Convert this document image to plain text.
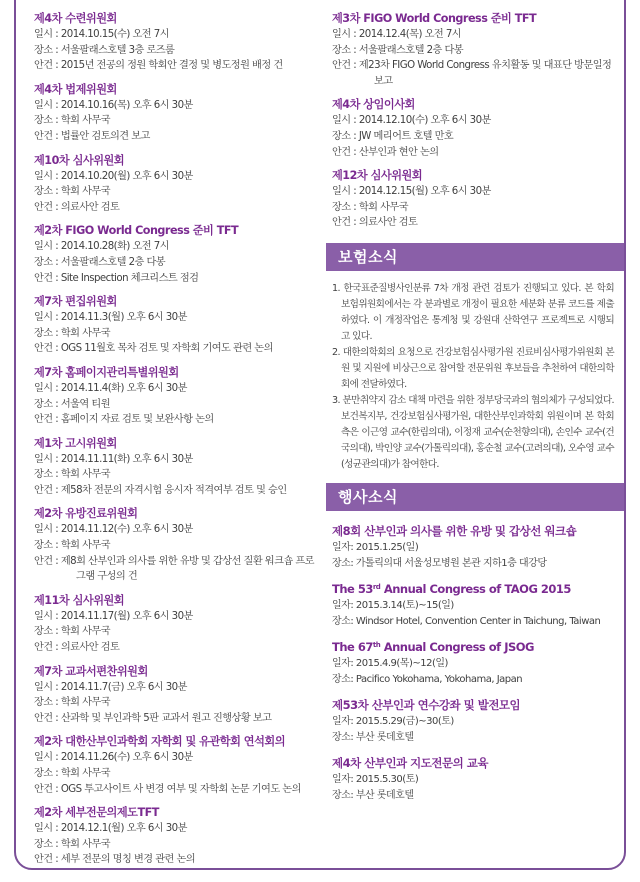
제4차 수련위원회
일시 : 2014.10.15(수) 오전 7시
장소 : 서울팔래스호텔 3층 로즈룸
안건 : 2015년 전공의 정원 학회안 결정 및 병도정원 배정 건
제4차 법제위원회
일시 : 2014.10.16(목) 오후 6시 30분
장소 : 학회 사무국
안건 : 법률안 검토의견 보고
제10차 심사위원회
일시 : 2014.10.20(월) 오후 6시 30분
장소 : 학회 사무국
안건 : 의료사안 검토
제2차 FIGO World Congress 준비 TFT
일시 : 2014.10.28(화) 오전 7시
장소 : 서울팔래스호텔 2층 다봉
안건 : Site Inspection 체크리스트 점검
제7차 편집위원회
일시 : 2014.11.3(월) 오후 6시 30분
장소 : 학회 사무국
안건 : OGS 11월호 목차 검토 및 자학회 기여도 관련 논의
제7차 홈페이지관리특별위원회
일시 : 2014.11.4(화) 오후 6시 30분
장소 : 서울역 티원
안건 : 홈페이지 자료 검토 및 보완사항 논의
제1차 고시위원회
일시 : 2014.11.11(화) 오후 6시 30분
장소 : 학회 사무국
안건 : 제58차 전문의 자격시험 응시자 적격여부 검토 및 승인
제2차 유방진료위원회
일시 : 2014.11.12(수) 오후 6시 30분
장소 : 학회 사무국
안건 : 제8회 산부인과 의사를 위한 유방 및 갑상선 질환 워크숍 프로그램 구성의 건
제11차 심사위원회
일시 : 2014.11.17(월) 오후 6시 30분
장소 : 학회 사무국
안건 : 의료사안 검토
제7차 교과서편찬위원회
일시 : 2014.11.7(금) 오후 6시 30분
장소 : 학회 사무국
안건 : 산과학 및 부인과학 5판 교과서 원고 진행상황 보고
제2차 대한산부인과학회 자학회 및 유관학회 연석회의
일시 : 2014.11.26(수) 오후 6시 30분
장소 : 학회 사무국
안건 : OGS 투고사이트 사 변경 여부 및 자학회 논문 기여도 논의
제2차 세부전문의제도TFT
일시 : 2014.12.1(월) 오후 6시 30분
장소 : 학회 사무국
안건 : 세부 전문의 명칭 변경 관련 논의
제3차 FIGO World Congress 준비 TFT
일시 : 2014.12.4(목) 오전 7시
장소 : 서울팔래스호텔 2층 다봉
안건 : 제23차 FIGO World Congress 유치활동 및 대표단 방문일정 보고
제4차 상임이사회
일시 : 2014.12.10(수) 오후 6시 30분
장소 : JW 메리어트 호텔 만호
안건 : 산부인과 현안 논의
제12차 심사위원회
일시 : 2014.12.15(월) 오후 6시 30분
장소 : 학회 사무국
안건 : 의료사안 검토
보험소식
1. 한국표준질병사인분류 7차 개정 관련 검토가 진행되고 있다. 본 학회 보험위원회에서는 각 분과별로 개정이 필요한 세분화 분류 코드를 제출하였다. 이 개정작업은 통계청 및 강원대 산학연구 프로젝트로 시행되고 있다.
2. 대한의학회의 요청으로 건강보험심사평가원 진료비심사평가위원회 본원 및 지원에 비상근으로 참여할 전문위원 후보들을 추천하여 대한의학회에 전달하였다.
3. 분만취약지 감소 대책 마련을 위한 정부당국과의 협의체가 구성되었다. 보건복지부, 건강보험심사평가원, 대한산부인과학회 위원이며 본 학회 측은 이근영 교수(한림의대), 이정재 교수(순천향의대), 손인수 교수(건국의대), 박인양 교수(가톨릭의대), 홍순철 교수(고려의대), 오수영 교수(성균관의대)가 참여한다.
행사소식
제8회 산부인과 의사를 위한 유방 및 갑상선 워크숍
일자: 2015.1.25(일)
장소: 가톨릭의대 서울성모병원 본관 지하1층 대강당
The 53rd Annual Congress of TAOG 2015
일자: 2015.3.14(토)~15(일)
장소: Windsor Hotel, Convention Center in Taichung, Taiwan
The 67th Annual Congress of JSOG
일자: 2015.4.9(목)~12(일)
장소: Pacifico Yokohama, Yokohama, Japan
제53차 산부인과 연수강좌 및 발전모임
일자: 2015.5.29(금)~30(토)
장소: 부산 롯데호텔
제4차 산부인과 지도전문의 교육
일자: 2015.5.30(토)
장소: 부산 롯데호텔
